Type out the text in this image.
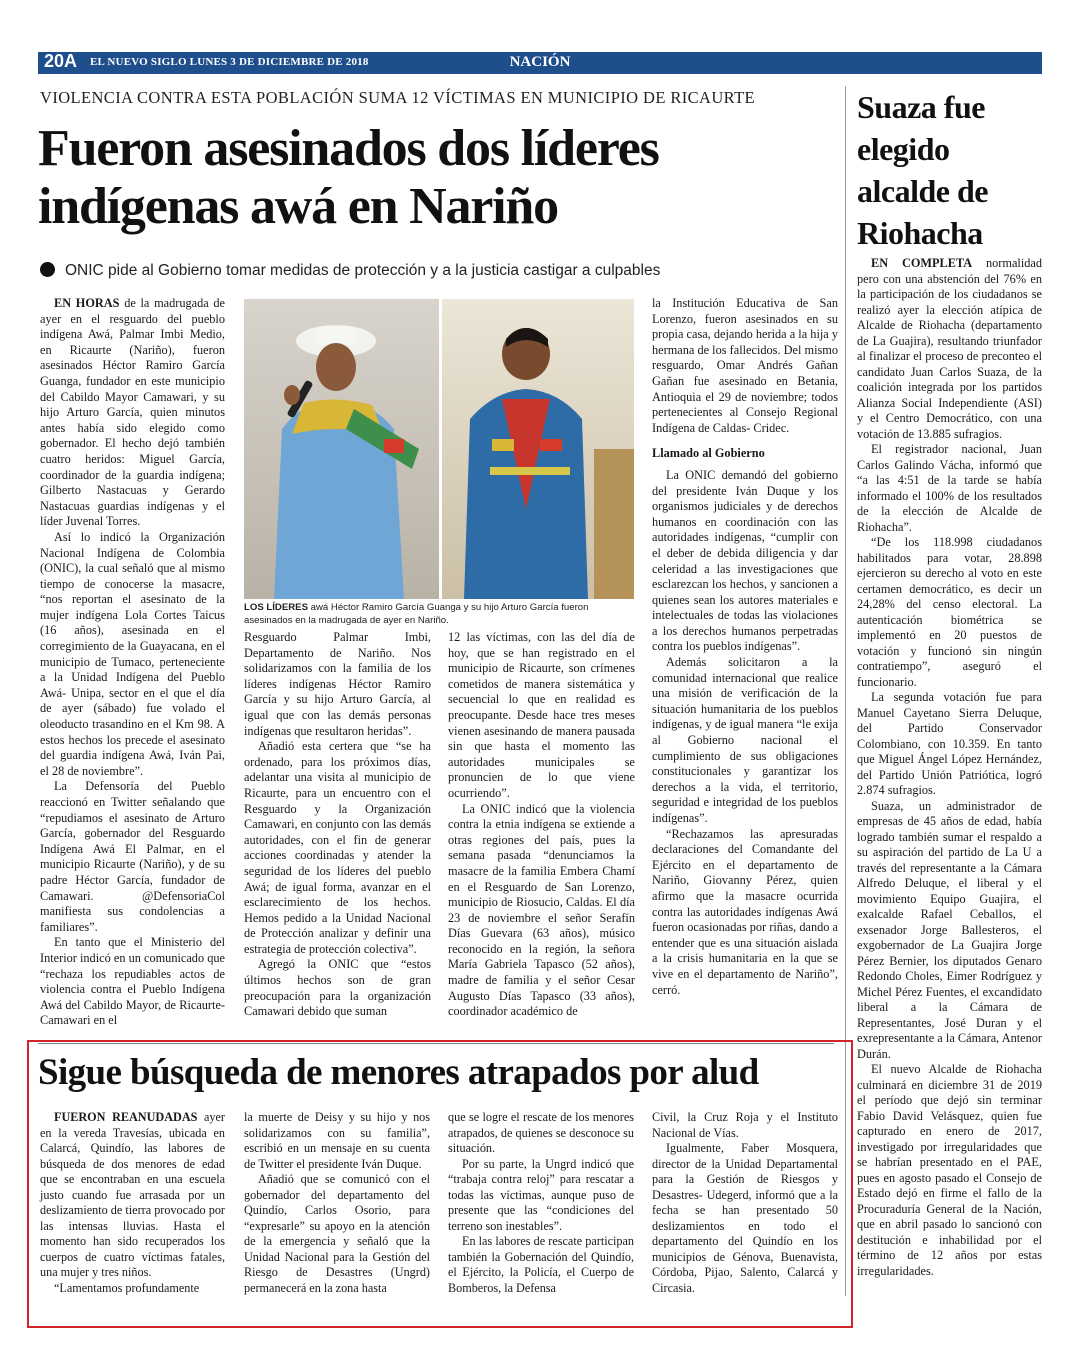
20A EL NUEVO SIGLO LUNES 3 DE DICIEMBRE DE 2018	NACIÓN
VIOLENCIA CONTRA ESTA POBLACIÓN SUMA 12 VÍCTIMAS EN MUNICIPIO DE RICAURTE
Fueron asesinados dos líderes indígenas awá en Nariño
ONIC pide al Gobierno tomar medidas de protección y a la justicia castigar a culpables

EN HORAS de la madrugada de ayer en el resguardo del pueblo indígena Awá, Palmar Imbi Medio, en Ricaurte (Nariño), fueron asesinados Héctor Ramiro García Guanga, fundador en este municipio del Cabildo Mayor Camawari, y su hijo Arturo García, quien minutos antes había sido elegido como gobernador. El hecho dejó también cuatro heridos: Miguel García, coordinador de la guardia indígena; Gilberto Nastacuas y Gerardo Nastacuas guardias indígenas y el líder Juvenal Torres.

Así lo indicó la Organización Nacional Indígena de Colombia (ONIC), la cual señaló que al mismo tiempo de conocerse la masacre, “nos reportan el asesinato de la mujer indígena Lola Cortes Taicus (16 años), asesinada en el corregimiento de la Guayacana, en el municipio de Tumaco, perteneciente a la Unidad Indígena del Pueblo Awá- Unipa, sector en el que el día de ayer (sábado) fue volado el oleoducto trasandino en el Km 98. A estos hechos los precede el asesinato del guardia indígena Awá, Iván Pai, el 28 de noviembre”.

La Defensoría del Pueblo reaccionó en Twitter señalando que “repudiamos el asesinato de Arturo García, gobernador del Resguardo Indígena Awá El Palmar, en el municipio Ricaurte (Nariño), y de su padre Héctor García, fundador de Camawari. @DefensoriaCol manifiesta sus condolencias a familiares”.

En tanto que el Ministerio del Interior indicó en un comunicado que “rechaza los repudiables actos de violencia contra el Pueblo Indígena Awá del Cabildo Mayor, de Ricaurte-Camawari en el

LOS LÍDERES awá Héctor Ramiro García Guanga y su hijo Arturo García fueron asesinados en la madrugada de ayer en Nariño.

Resguardo Palmar Imbi, Departamento de Nariño. Nos solidarizamos con la familia de los líderes indígenas Héctor Ramiro García y su hijo Arturo García, al igual que con las demás personas indígenas que resultaron heridas”.

Añadió esta certera que “se ha ordenado, para los próximos días, adelantar una visita al municipio de Ricaurte, para un encuentro con el Resguardo y la Organización Camawari, en conjunto con las demás autoridades, con el fin de generar acciones coordinadas y atender la seguridad de los líderes del pueblo Awá; de igual forma, avanzar en el esclarecimiento de los hechos. Hemos pedido a la Unidad Nacional de Protección analizar y definir una estrategia de protección colectiva”.

Agregó la ONIC que “estos últimos hechos son de gran preocupación para la organización Camawari debido que suman

12 las víctimas, con las del día de hoy, que se han registrado en el municipio de Ricaurte, son crímenes cometidos de manera sistemática y secuencial lo que en realidad es preocupante. Desde hace tres meses vienen asesinando de manera pausada sin que hasta el momento las autoridades municipales se pronuncien de lo que viene ocurriendo”.

La ONIC indicó que la violencia contra la etnia indígena se extiende a otras regiones del país, pues la semana pasada “denunciamos la masacre de la familia Embera Chamí en el Resguardo de San Lorenzo, municipio de Riosucio, Caldas. El día 23 de noviembre el señor Serafín Días Guevara (63 años), músico reconocido en la región, la señora María Gabriela Tapasco (52 años), madre de familia y el señor Cesar Augusto Días Tapasco (33 años), coordinador académico de

la Institución Educativa de San Lorenzo, fueron asesinados en su propia casa, dejando herida a la hija y hermana de los fallecidos. Del mismo resguardo, Omar Andrés Gañan Gañan fue asesinado en Betania, Antioquia el 29 de noviembre; todos pertenecientes al Consejo Regional Indígena de Caldas- Cridec.

Llamado al Gobierno

La ONIC demandó del gobierno del presidente Iván Duque y los organismos judiciales y de derechos humanos en coordinación con las autoridades indígenas, “cumplir con el deber de debida diligencia y dar celeridad a las investigaciones que esclarezcan los hechos, y sancionen a quienes sean los autores materiales e intelectuales de todas las violaciones a los derechos humanos perpetradas contra los pueblos indígenas”.

Además solicitaron a la comunidad internacional que realice una misión de verificación de la situación humanitaria de los pueblos indígenas, y de igual manera “le exija al Gobierno nacional el cumplimiento de sus obligaciones constitucionales y garantizar los derechos a la vida, el territorio, seguridad e integridad de los pueblos indígenas”.

“Rechazamos las apresuradas declaraciones del Comandante del Ejército en el departamento de Nariño, Giovanny Pérez, quien afirmo que la masacre ocurrida contra las autoridades indígenas Awá fueron ocasionadas por riñas, dando a entender que es una situación aislada a la crisis humanitaria en la que se vive en el departamento de Nariño”, cerró.

Suaza fue elegido alcalde de Riohacha

EN COMPLETA normalidad pero con una abstención del 76% en la participación de los ciudadanos se realizó ayer la elección atípica de Alcalde de Riohacha (departamento de La Guajira), resultando triunfador al finalizar el proceso de preconteo el candidato Juan Carlos Suaza, de la coalición integrada por los partidos Alianza Social Independiente (ASI) y el Centro Democrático, con una votación de 13.885 sufragios.

El registrador nacional, Juan Carlos Galindo Vácha, informó que “a las 4:51 de la tarde se había informado el 100% de los resultados de la elección de Alcalde de Riohacha”.

“De los 118.998 ciudadanos habilitados para votar, 28.898 ejercieron su derecho al voto en este certamen democrático, es decir un 24,28% del censo electoral. La autenticación biométrica se implementó en 20 puestos de votación y funcionó sin ningún contratiempo”, aseguró el funcionario.

La segunda votación fue para Manuel Cayetano Sierra Deluque, del Partido Conservador Colombiano, con 10.359. En tanto que Miguel Ángel López Hernández, del Partido Unión Patriótica, logró 2.874 sufragios.

Suaza, un administrador de empresas de 45 años de edad, había logrado también sumar el respaldo a su aspiración del partido de La U a través del representante a la Cámara Alfredo Deluque, el liberal y el movimiento Equipo Guajira, el exalcalde Rafael Ceballos, el exsenador Jorge Ballesteros, el exgobernador de La Guajira Jorge Pérez Bernier, los diputados Genaro Redondo Choles, Eimer Rodríguez y Michel Pérez Fuentes, el excandidato liberal a la Cámara de Representantes, José Duran y el exrepresentante a la Cámara, Antenor Durán.

El nuevo Alcalde de Riohacha culminará en diciembre 31 de 2019 el período que dejó sin terminar Fabio David Velásquez, quien fue capturado en enero de 2017, investigado por irregularidades que se habrían presentado en el PAE, pues en agosto pasado el Consejo de Estado dejó en firme el fallo de la Procuraduría General de la Nación, que en abril pasado lo sancionó con destitución e inhabilidad por el término de 12 años por estas irregularidades.

Sigue búsqueda de menores atrapados por alud

FUERON REANUDADAS ayer en la vereda Travesías, ubicada en Calarcá, Quindío, las labores de búsqueda de dos menores de edad que se encontraban en una escuela justo cuando fue arrasada por un deslizamiento de tierra provocado por las intensas lluvias. Hasta el momento han sido recuperados los cuerpos de cuatro víctimas fatales, una mujer y tres niños.

“Lamentamos profundamente

la muerte de Deisy y su hijo y nos solidarizamos con su familia”, escribió en un mensaje en su cuenta de Twitter el presidente Iván Duque.

Añadió que se comunicó con el gobernador del departamento del Quindío, Carlos Osorio, para “expresarle” su apoyo en la atención de la emergencia y señaló que la Unidad Nacional para la Gestión del Riesgo de Desastres (Ungrd) permanecerá en la zona hasta

que se logre el rescate de los menores atrapados, de quienes se desconoce su situación.

Por su parte, la Ungrd indicó que “trabaja contra reloj” para rescatar a todas las víctimas, aunque puso de presente que las “condiciones del terreno son inestables”.

En las labores de rescate participan también la Gobernación del Quindío, el Ejército, la Policía, el Cuerpo de Bomberos, la Defensa

Civil, la Cruz Roja y el Instituto Nacional de Vías.

Igualmente, Faber Mosquera, director de la Unidad Departamental para la Gestión de Riesgos y Desastres- Udegerd, informó que a la fecha se han presentado 50 deslizamientos en todo el departamento del Quindío en los municipios de Génova, Buenavista, Córdoba, Pijao, Salento, Calarcá y Circasia.
